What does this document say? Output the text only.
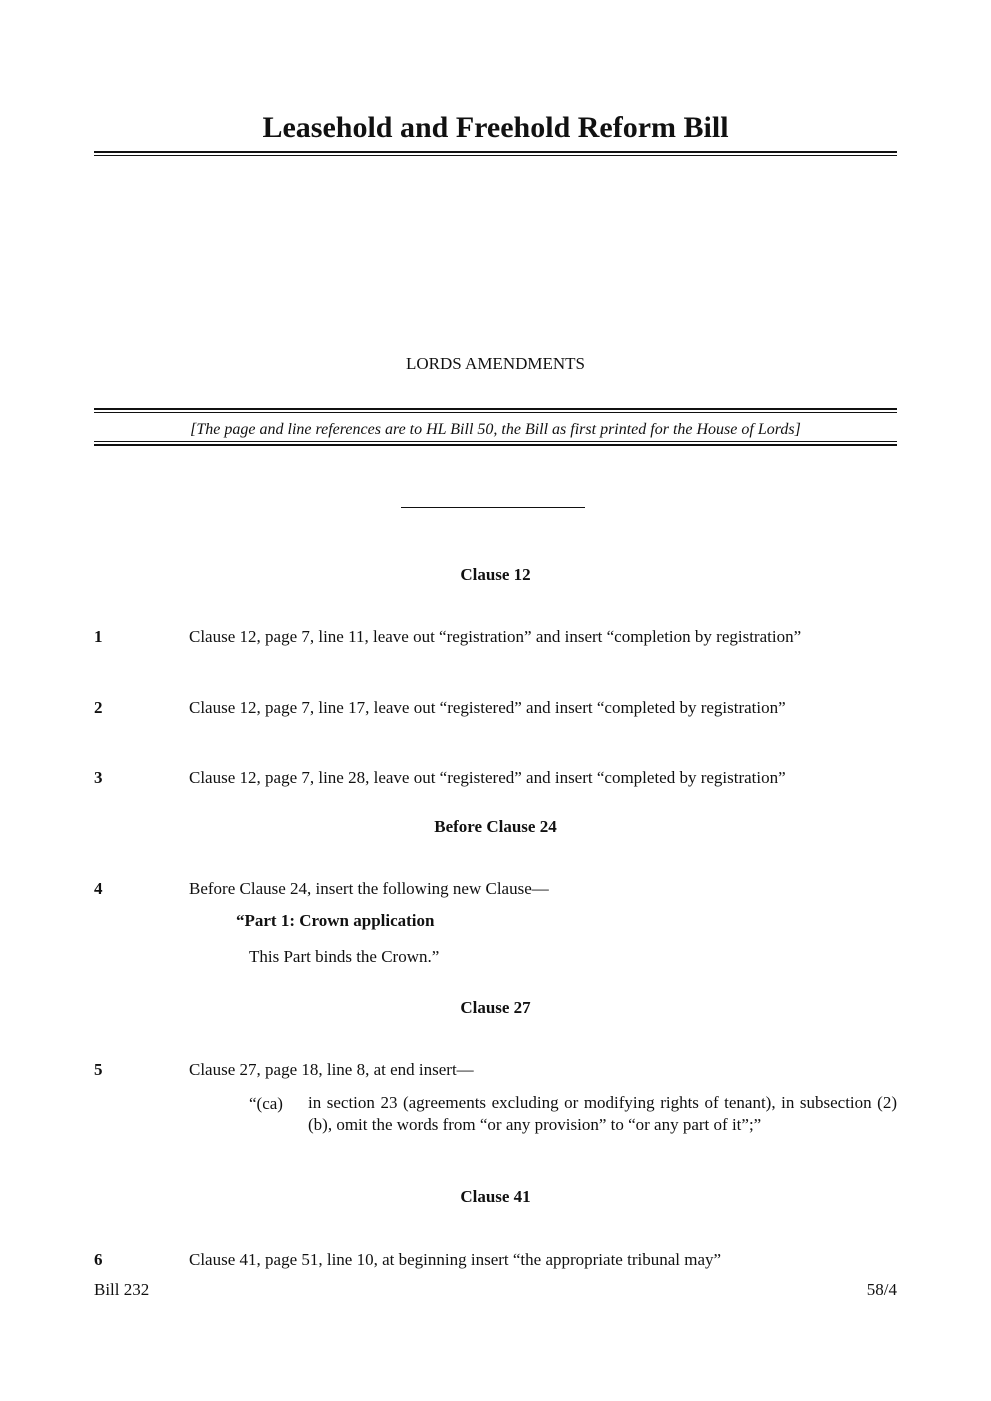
Leasehold and Freehold Reform Bill
LORDS AMENDMENTS
[The page and line references are to HL Bill 50, the Bill as first printed for the House of Lords]
Clause 12
1	Clause 12, page 7, line 11, leave out “registration” and insert “completion by registration”
2	Clause 12, page 7, line 17, leave out “registered” and insert “completed by registration”
3	Clause 12, page 7, line 28, leave out “registered” and insert “completed by registration”
Before Clause 24
4	Before Clause 24, insert the following new Clause—
“Part 1: Crown application
This Part binds the Crown.”
Clause 27
5	Clause 27, page 18, line 8, at end insert—
“(ca) in section 23 (agreements excluding or modifying rights of tenant), in subsection (2)(b), omit the words from “or any provision” to “or any part of it”;”
Clause 41
6	Clause 41, page 51, line 10, at beginning insert “the appropriate tribunal may”
Bill 232	58/4
